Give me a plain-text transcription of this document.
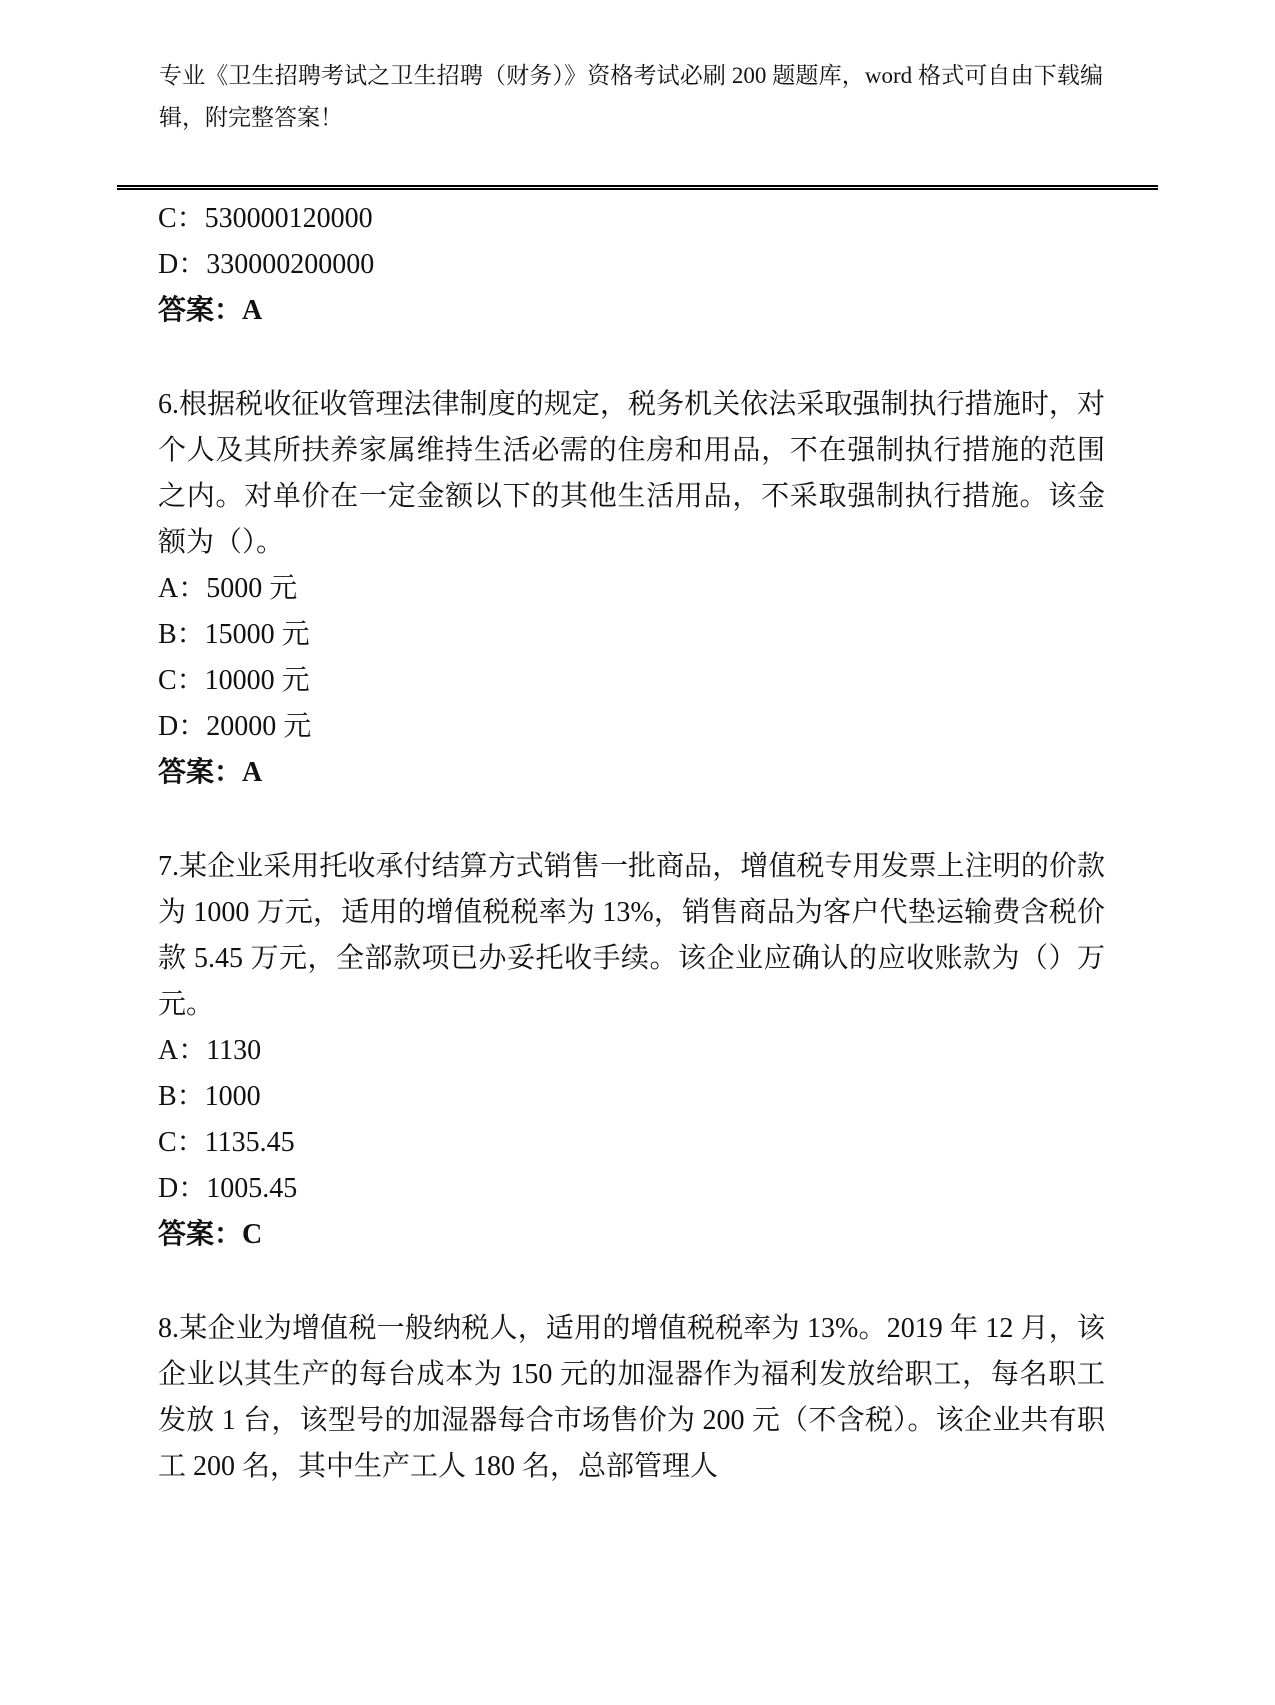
专业《卫生招聘考试之卫生招聘（财务）》资格考试必刷 200 题题库，word 格式可自由下载编辑，附完整答案！

C：530000120000

D：330000200000

答案：A

6.根据税收征收管理法律制度的规定，税务机关依法采取强制执行措施时，对个人及其所扶养家属维持生活必需的住房和用品，不在强制执行措施的范围之内。对单价在一定金额以下的其他生活用品，不采取强制执行措施。该金额为（）。

A：5000 元

B：15000 元

C：10000 元

D：20000 元

答案：A

7.某企业采用托收承付结算方式销售一批商品，增值税专用发票上注明的价款为 1000 万元，适用的增值税税率为 13%，销售商品为客户代垫运输费含税价款 5.45 万元，全部款项已办妥托收手续。该企业应确认的应收账款为（）万元。

A：1130

B：1000

C：1135.45

D：1005.45

答案：C

8.某企业为增值税一般纳税人，适用的增值税税率为 13%。2019 年 12 月，该企业以其生产的每台成本为 150 元的加湿器作为福利发放给职工，每名职工发放 1 台，该型号的加湿器每合市场售价为 200 元（不含税）。该企业共有职工 200 名，其中生产工人 180 名，总部管理人
